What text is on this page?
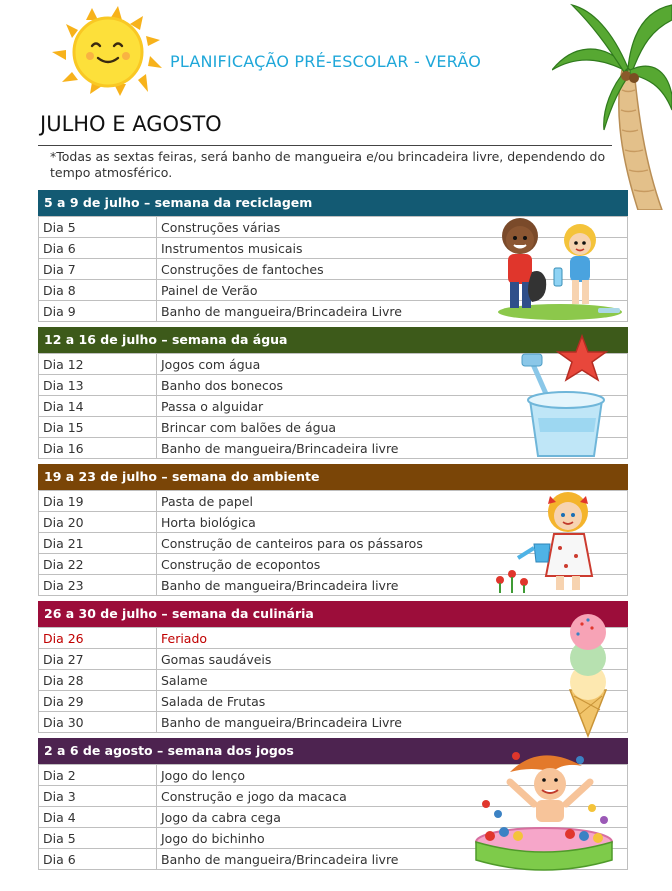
PLANIFICAÇÃO PRÉ-ESCOLAR - VERÃO
JULHO E AGOSTO
*Todas as sextas feiras, será banho de mangueira e/ou brincadeira livre, dependendo do tempo atmosférico.
5 a 9 de julho – semana da reciclagem
Dia 5	Construções várias
Dia 6	Instrumentos musicais
Dia 7	Construções de fantoches
Dia 8	Painel de Verão
Dia 9	Banho de mangueira/Brincadeira Livre
12 a 16 de julho – semana da água
Dia 12	Jogos com água
Dia 13	Banho dos bonecos
Dia 14	Passa o alguidar
Dia 15	Brincar com balões de água
Dia 16	Banho de mangueira/Brincadeira livre
19 a 23 de julho – semana do ambiente
Dia 19	Pasta de papel
Dia 20	Horta biológica
Dia 21	Construção de canteiros para os pássaros
Dia 22	Construção de ecopontos
Dia 23	Banho de mangueira/Brincadeira livre
26 a 30 de julho – semana da culinária
Dia 26	Feriado
Dia 27	Gomas saudáveis
Dia 28	Salame
Dia 29	Salada de Frutas
Dia 30	Banho de mangueira/Brincadeira Livre
2 a 6 de agosto – semana dos jogos
Dia 2	Jogo do lenço
Dia 3	Construção e jogo da macaca
Dia 4	Jogo da cabra cega
Dia 5	Jogo do bichinho
Dia 6	Banho de mangueira/Brincadeira livre
